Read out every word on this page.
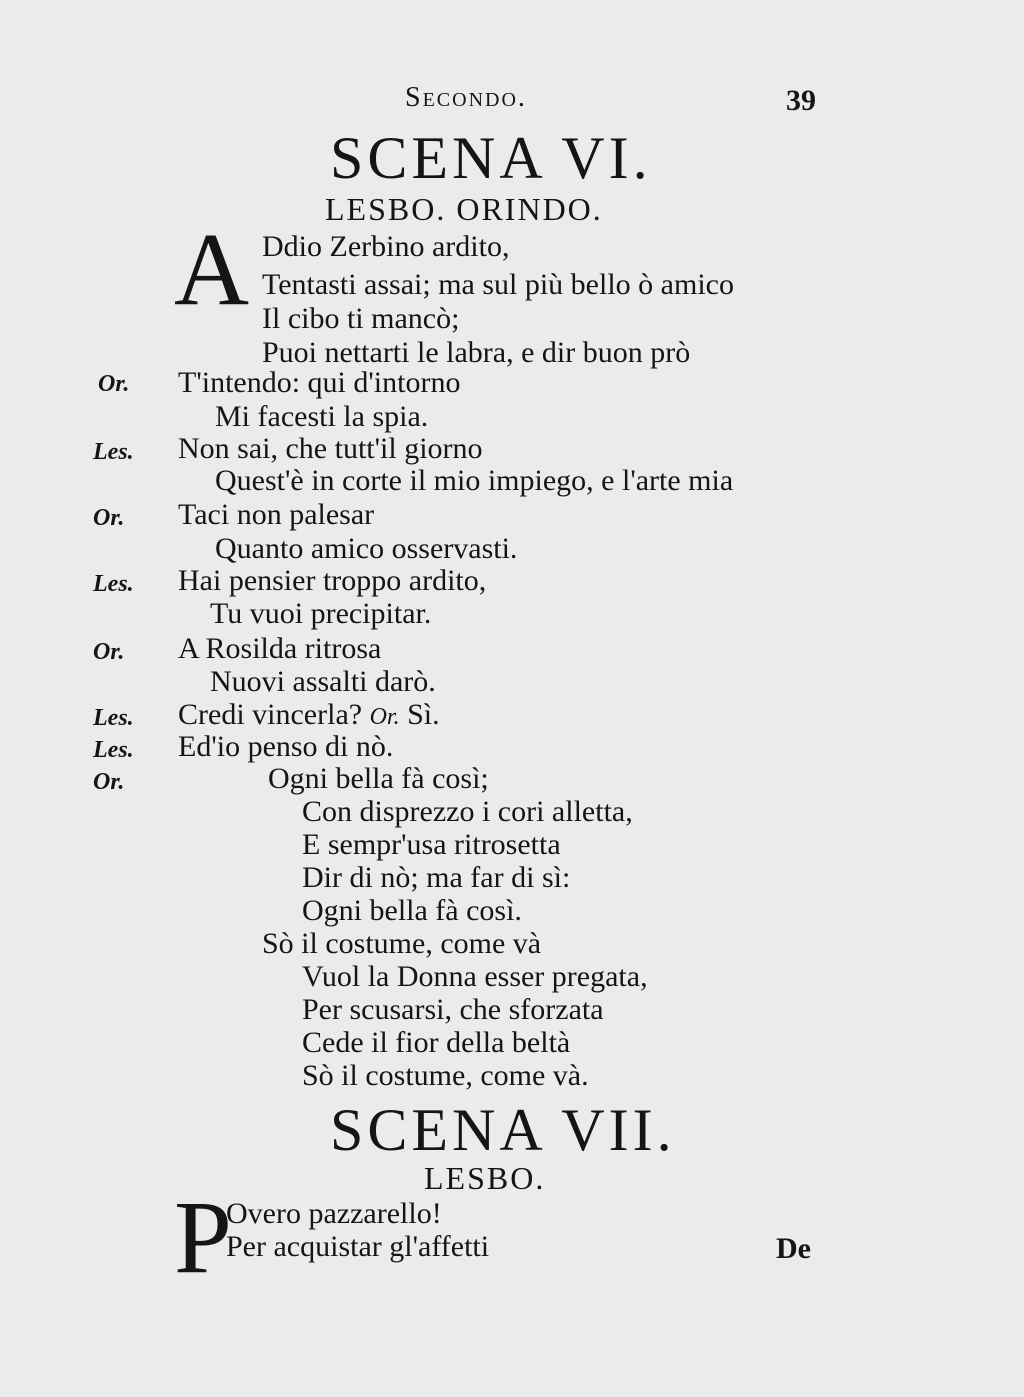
Secondo.	39
SCENA VI.
LESBO. ORINDO.
A Ddio Zerbino ardito,
Tentasti assai; ma sul più bello ò amico
Il cibo ti mancò;
Puoi nettarti le labra, e dir buon prò
Or. T'intendo: qui d'intorno
Mi facesti la spia.
Les. Non sai, che tutt'il giorno
Quest'è in corte il mio impiego, e l'arte mia
Or. Taci non palesar
Quanto amico osservasti.
Les. Hai pensier troppo ardito,
Tu vuoi precipitar.
Or. A Rosilda ritrosa
Nuovi assalti darò.
Les. Credi vincerla? Or. Sì.
Les. Ed'io penso di nò.
Or.	Ogni bella fà così;
Con disprezzo i cori alletta,
E sempr'usa ritrosetta
Dir di nò; ma far di sì:
Ogni bella fà così.
Sò il costume, come và
Vuol la Donna esser pregata,
Per scusarsi, che sforzata
Cede il fior della beltà
Sò il costume, come và.
SCENA VII.
LESBO.
P
Overo pazzarello!
Per acquistar gl'affetti	De
